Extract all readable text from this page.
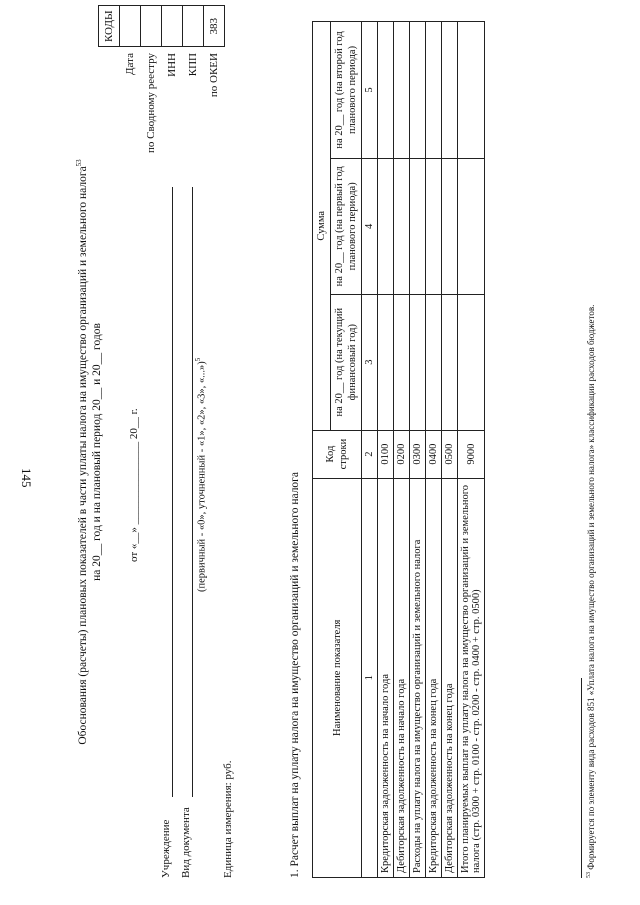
145	Обоснования (расчеты) плановых показателей в части уплаты налога на имущество организаций и земельного налога$^{53}$
на 20__ год и на плановый период 20__ и 20__ годов от «__» _______________ 20__ г.
Учреждение Вид документа
(первичный - «0», уточненный - «1», «2», «3», «...»)$^5$
Единица измерения: руб.
	КОДЫ
Дата	
по Сводному реестру	
ИНН	
КПП	
по ОКЕИ	383
1. Расчет выплат на уплату налога на имущество организаций и земельного налога	Наименование показателя	Код строки	Сумма		
		на 20__ год (на текущий финансовый год)	на 20__ год (на первый год планового периода)	на 20__ год (на второй год планового периода)
1	2	3	4	5
Кредиторская задолженность на начало года	0100			
Дебиторская задолженность на начало года	0200			
Расходы на уплату налога на имущество организаций и земельного налога	0300			
Кредиторская задолженность на конец года	0400			
Дебиторская задолженность на конец года	0500			
Итого планируемых выплат на уплату налога на имущество организаций и земельного налога (стр. 0300 + стр. 0100 - стр. 0200 - стр. 0400 + стр. 0500)	9000			
$^{53}$ Формируется по элементу вида расходов 851 «Уплата налога на имущество организаций и земельного налога» классификации расходов бюджетов.
